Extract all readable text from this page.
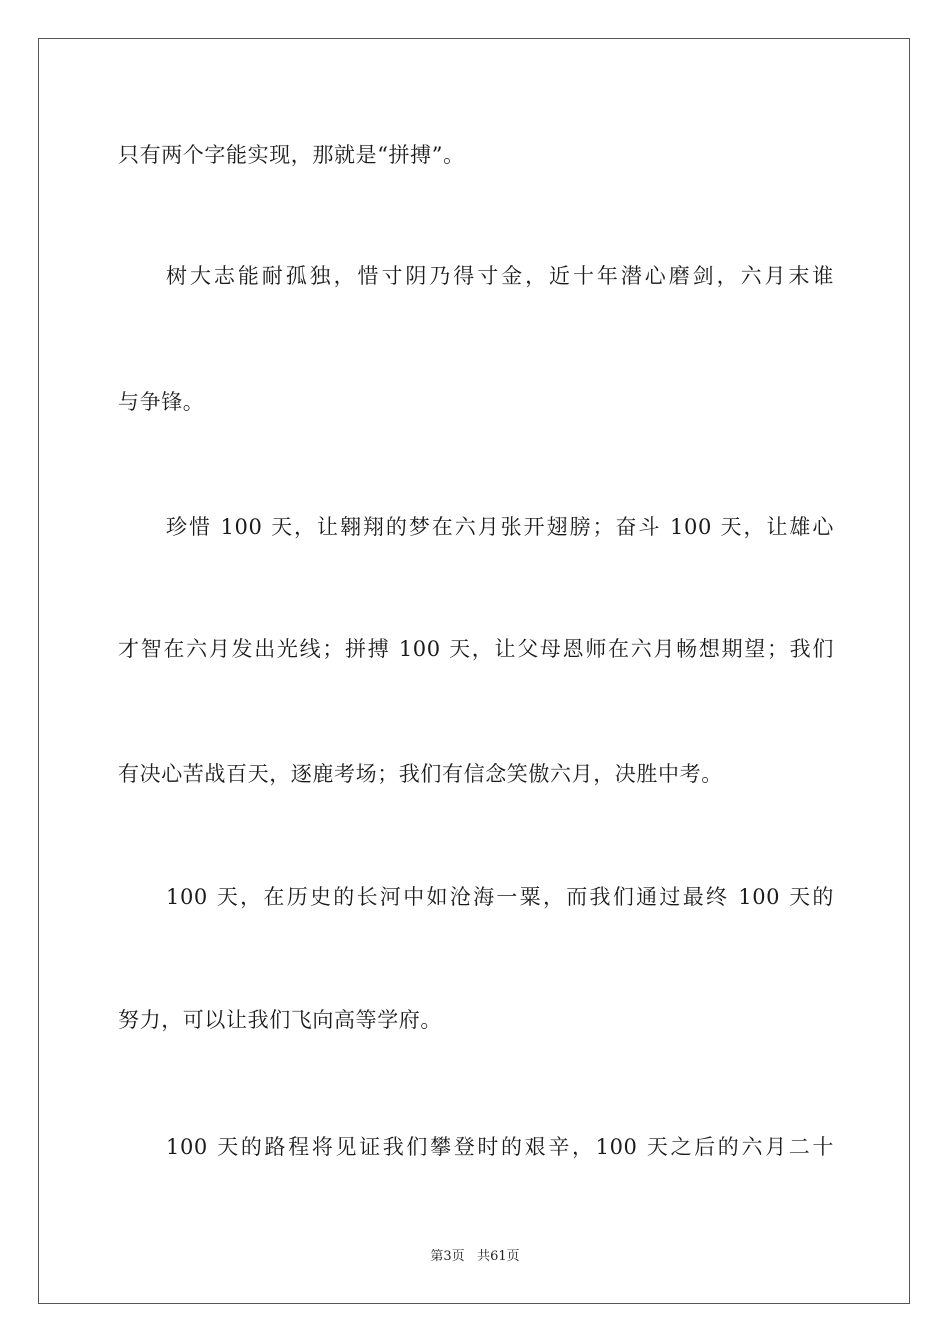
只有两个字能实现，那就是“拼搏”。
树大志能耐孤独，惜寸阴乃得寸金，近十年潜心磨剑，六月末谁
与争锋。
珍惜 100 天，让翱翔的梦在六月张开翅膀；奋斗 100 天，让雄心
才智在六月发出光线；拼搏 100 天，让父母恩师在六月畅想期望；我们
有决心苦战百天，逐鹿考场；我们有信念笑傲六月，决胜中考。
100 天，在历史的长河中如沧海一粟，而我们通过最终 100 天的
努力，可以让我们飞向高等学府。
100 天的路程将见证我们攀登时的艰辛，100 天之后的六月二十
第3页 共61页
